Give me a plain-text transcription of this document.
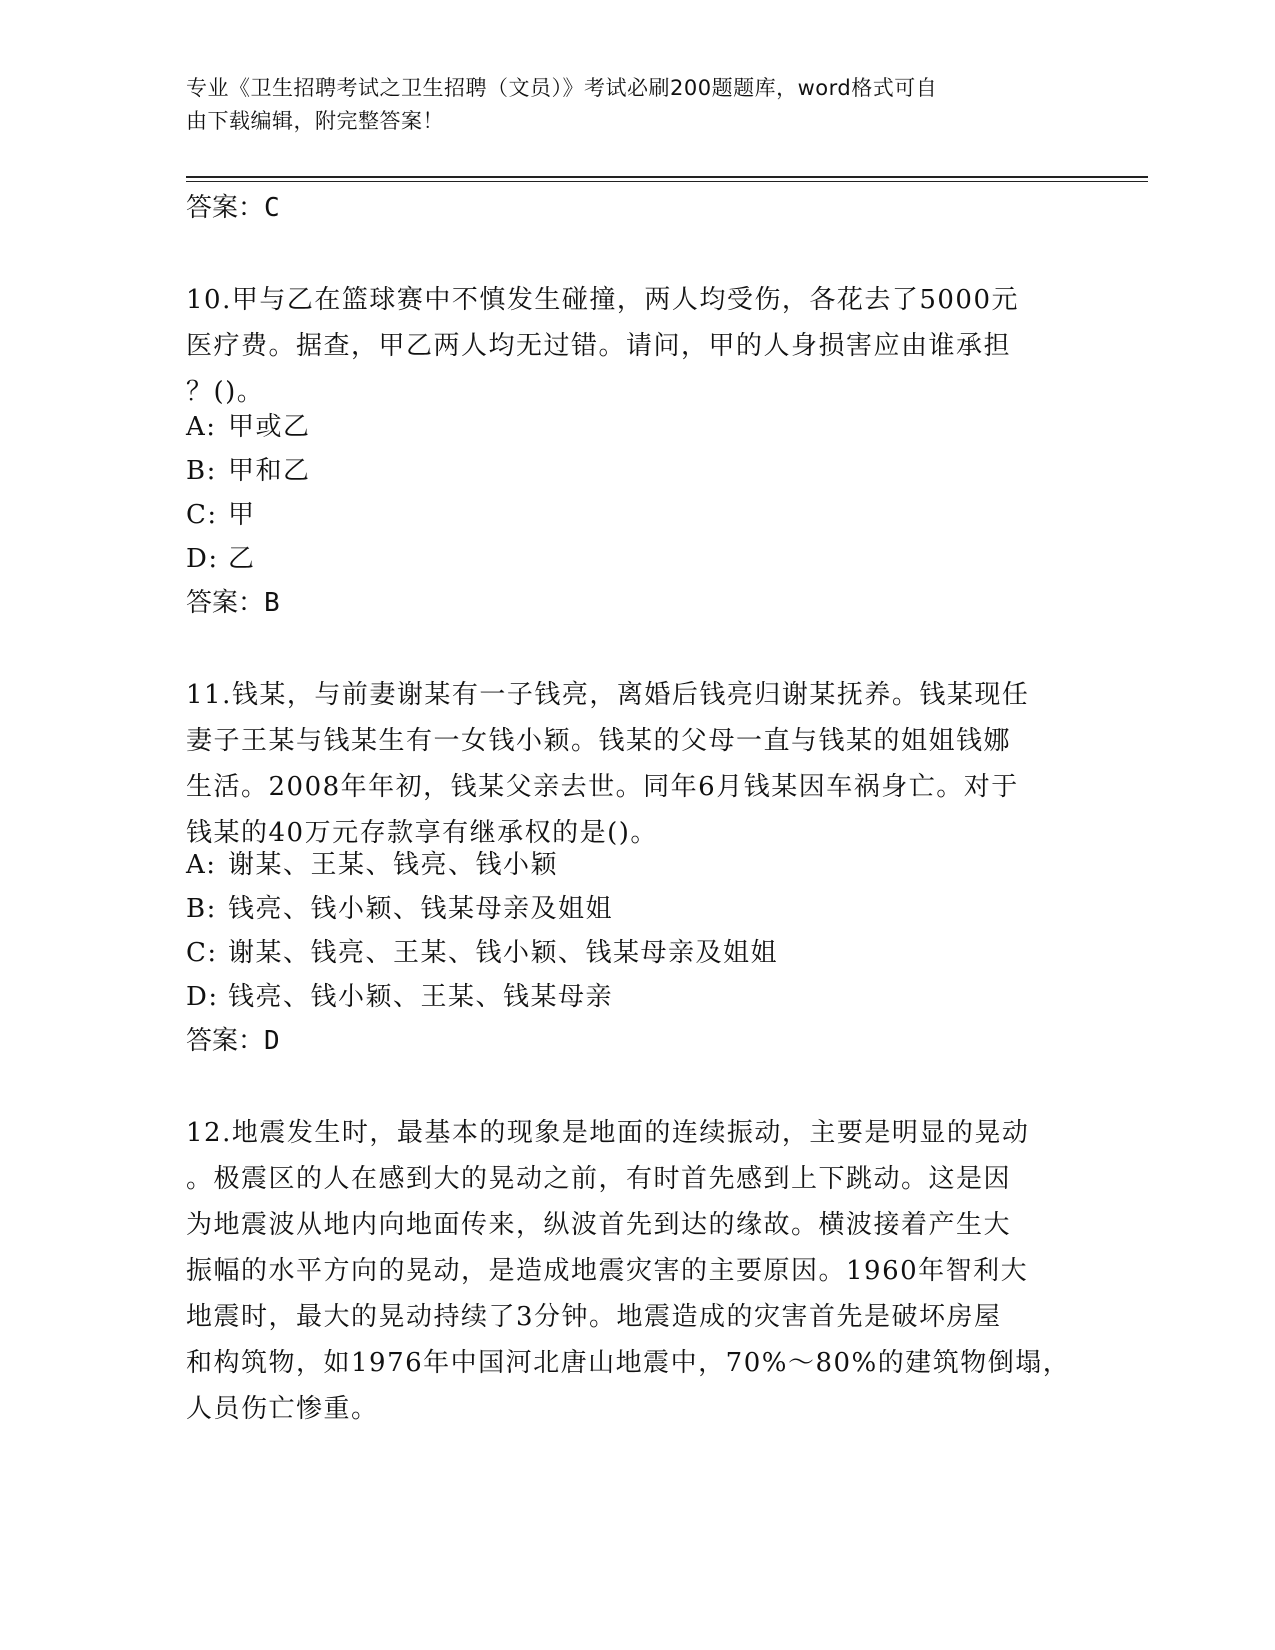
专业《卫生招聘考试之卫生招聘（文员）》考试必刷200题题库，word格式可自
由下载编辑，附完整答案！
答案：C
10.甲与乙在篮球赛中不慎发生碰撞，两人均受伤，各花去了5000元
医疗费。据查，甲乙两人均无过错。请问，甲的人身损害应由谁承担
？()。
A: 甲或乙
B: 甲和乙
C: 甲
D: 乙
答案：B
11.钱某，与前妻谢某有一子钱亮，离婚后钱亮归谢某抚养。钱某现任
妻子王某与钱某生有一女钱小颖。钱某的父母一直与钱某的姐姐钱娜
生活。2008年年初，钱某父亲去世。同年6月钱某因车祸身亡。对于
钱某的40万元存款享有继承权的是()。
A: 谢某、王某、钱亮、钱小颖
B: 钱亮、钱小颖、钱某母亲及姐姐
C: 谢某、钱亮、王某、钱小颖、钱某母亲及姐姐
D: 钱亮、钱小颖、王某、钱某母亲
答案：D
12.地震发生时，最基本的现象是地面的连续振动，主要是明显的晃动
。极震区的人在感到大的晃动之前，有时首先感到上下跳动。这是因
为地震波从地内向地面传来，纵波首先到达的缘故。横波接着产生大
振幅的水平方向的晃动，是造成地震灾害的主要原因。1960年智利大
地震时，最大的晃动持续了3分钟。地震造成的灾害首先是破坏房屋
和构筑物，如1976年中国河北唐山地震中，70%～80%的建筑物倒塌，
人员伤亡惨重。
